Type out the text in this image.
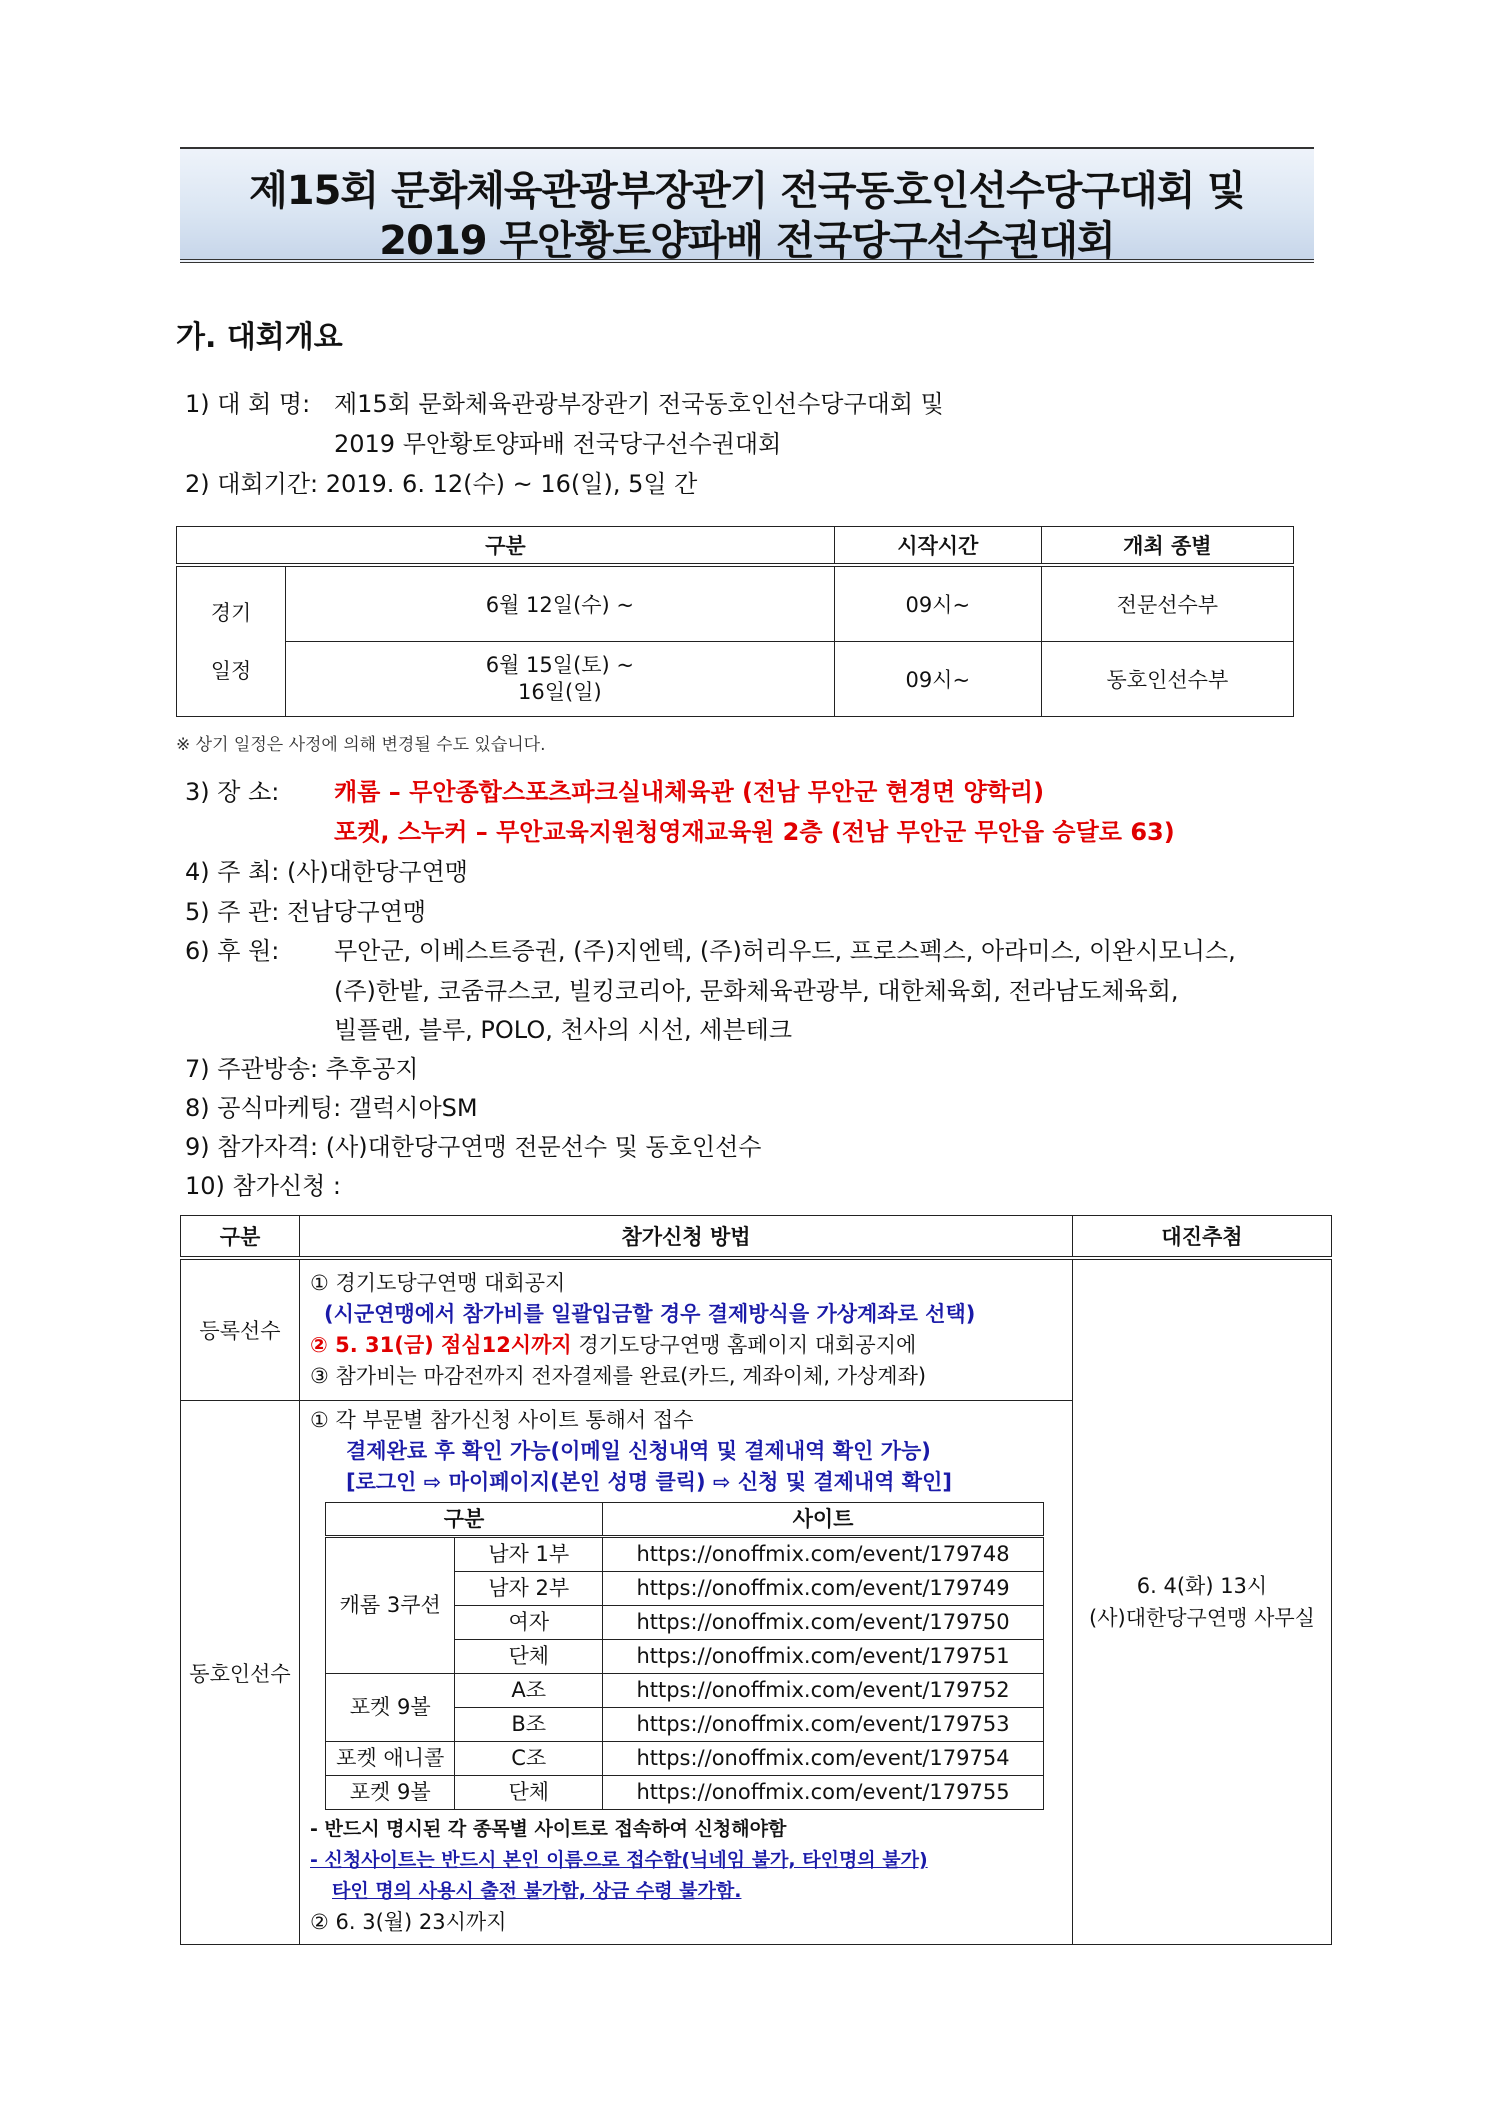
제15회 문화체육관광부장관기 전국동호인선수당구대회 및
2019 무안황토양파배 전국당구선수권대회
가. 대회개요
1) 대 회 명: 제15회 문화체육관광부장관기 전국동호인선수당구대회 및
2019 무안황토양파배 전국당구선수권대회
2) 대회기간: 2019. 6. 12(수) ~ 16(일), 5일 간
구분		시작시간	개최 종별

경기
일정	6월 12일(수) ~	09시~	전문선수부

	6월 15일(토) ~
16일(일)	09시~	동호인선수부
※ 상기 일정은 사정에 의해 변경될 수도 있습니다.
3) 장 소: 캐롬 – 무안종합스포츠파크실내체육관 (전남 무안군 현경면 양학리)
포켓, 스누커 – 무안교육지원청영재교육원 2층 (전남 무안군 무안읍 승달로 63)
4) 주 최: (사)대한당구연맹
5) 주 관: 전남당구연맹
6) 후 원: 무안군, 이베스트증권, (주)지엔텍, (주)허리우드, 프로스펙스, 아라미스, 이완시모니스,
(주)한밭, 코줌큐스코, 빌킹코리아, 문화체육관광부, 대한체육회, 전라남도체육회,
빌플랜, 블루, POLO, 천사의 시선, 세븐테크
7) 주관방송: 추후공지
8) 공식마케팅: 갤럭시아SM
9) 참가자격: (사)대한당구연맹 전문선수 및 동호인선수
10) 참가신청 :
구분	참가신청 방법	대진추첨
등록선수	
① 경기도당구연맹 대회공지
(시군연맹에서 참가비를 일괄입금할 경우 결제방식을 가상계좌로 선택)
② 5. 31(금) 점심12시까지 경기도당구연맹 홈페이지 대회공지에
③ 참가비는 마감전까지 전자결제를 완료(카드, 계좌이체, 가상계좌)

6. 4(화) 13시
(사)대한당구연맹 사무실

동호인선수	
① 각 부문별 참가신청 사이트 통해서 접수
결제완료 후 확인 가능(이메일 신청내역 및 결제내역 확인 가능)
[로그인 ⇨ 마이페이지(본인 성명 클릭) ⇨ 신청 및 결제내역 확인]
구분	사이트
캐롬 3쿠션	남자 1부	https://onoffmix.com/event/179748
남자 2부	https://onoffmix.com/event/179749
여자	https://onoffmix.com/event/179750
단체	https://onoffmix.com/event/179751
포켓 9볼	A조	https://onoffmix.com/event/179752
B조	https://onoffmix.com/event/179753
포켓 애니콜	C조	https://onoffmix.com/event/179754
포켓 9볼	단체	https://onoffmix.com/event/179755
- 반드시 명시된 각 종목별 사이트로 접속하여 신청해야함
- 신청사이트는 반드시 본인 이름으로 접수함(닉네임 불가, 타인명의 불가)
타인 명의 사용시 출전 불가함, 상금 수령 불가함.
② 6. 3(월) 23시까지
